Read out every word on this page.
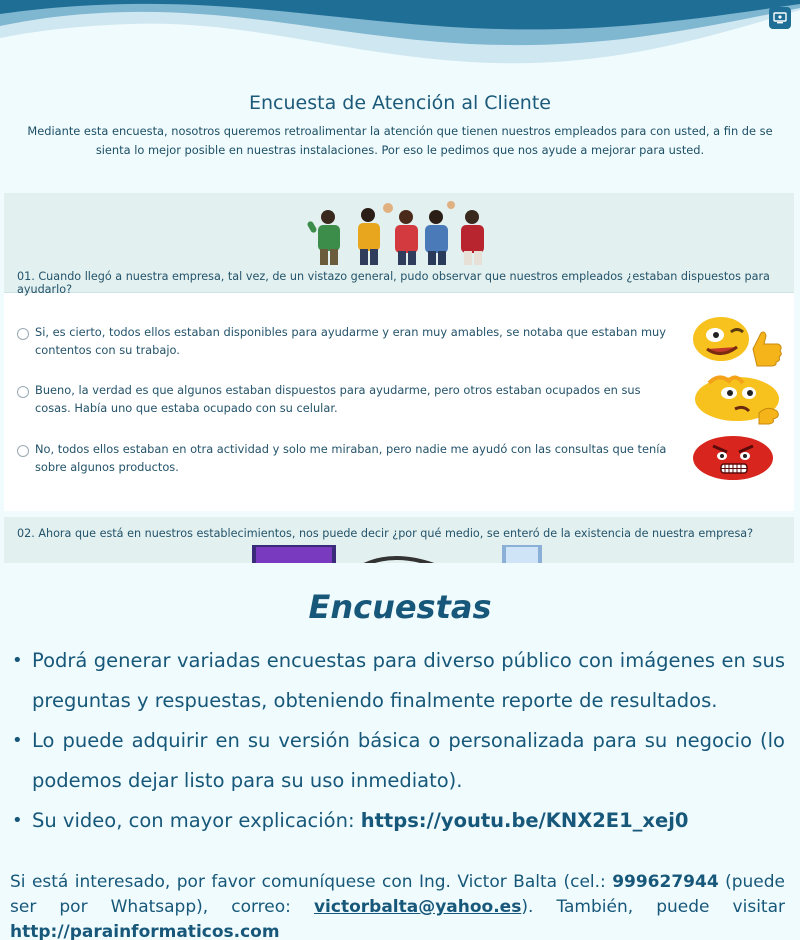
Encuesta de Atención al Cliente
Mediante esta encuesta, nosotros queremos retroalimentar la atención que tienen nuestros empleados para con usted, a fin de se sienta lo mejor posible en nuestras instalaciones. Por eso le pedimos que nos ayude a mejorar para usted.
01. Cuando llegó a nuestra empresa, tal vez, de un vistazo general, pudo observar que nuestros empleados ¿estaban dispuestos para ayudarlo?
Si, es cierto, todos ellos estaban disponibles para ayudarme y eran muy amables, se notaba que estaban muy contentos con su trabajo.
Bueno, la verdad es que algunos estaban dispuestos para ayudarme, pero otros estaban ocupados en sus cosas. Había uno que estaba ocupado con su celular.
No, todos ellos estaban en otra actividad y solo me miraban, pero nadie me ayudó con las consultas que tenía sobre algunos productos.
02. Ahora que está en nuestros establecimientos, nos puede decir ¿por qué medio, se enteró de la existencia de nuestra empresa?
Encuestas
• Podrá generar variadas encuestas para diverso público con imágenes en sus preguntas y respuestas, obteniendo finalmente reporte de resultados.
• Lo puede adquirir en su versión básica o personalizada para su negocio (lo podemos dejar listo para su uso inmediato).
• Su video, con mayor explicación: https://youtu.be/KNX2E1_xej0
Si está interesado, por favor comuníquese con Ing. Victor Balta (cel.: 999627944 (puede ser por Whatsapp), correo: victorbalta@yahoo.es). También, puede visitar http://parainformaticos.com
